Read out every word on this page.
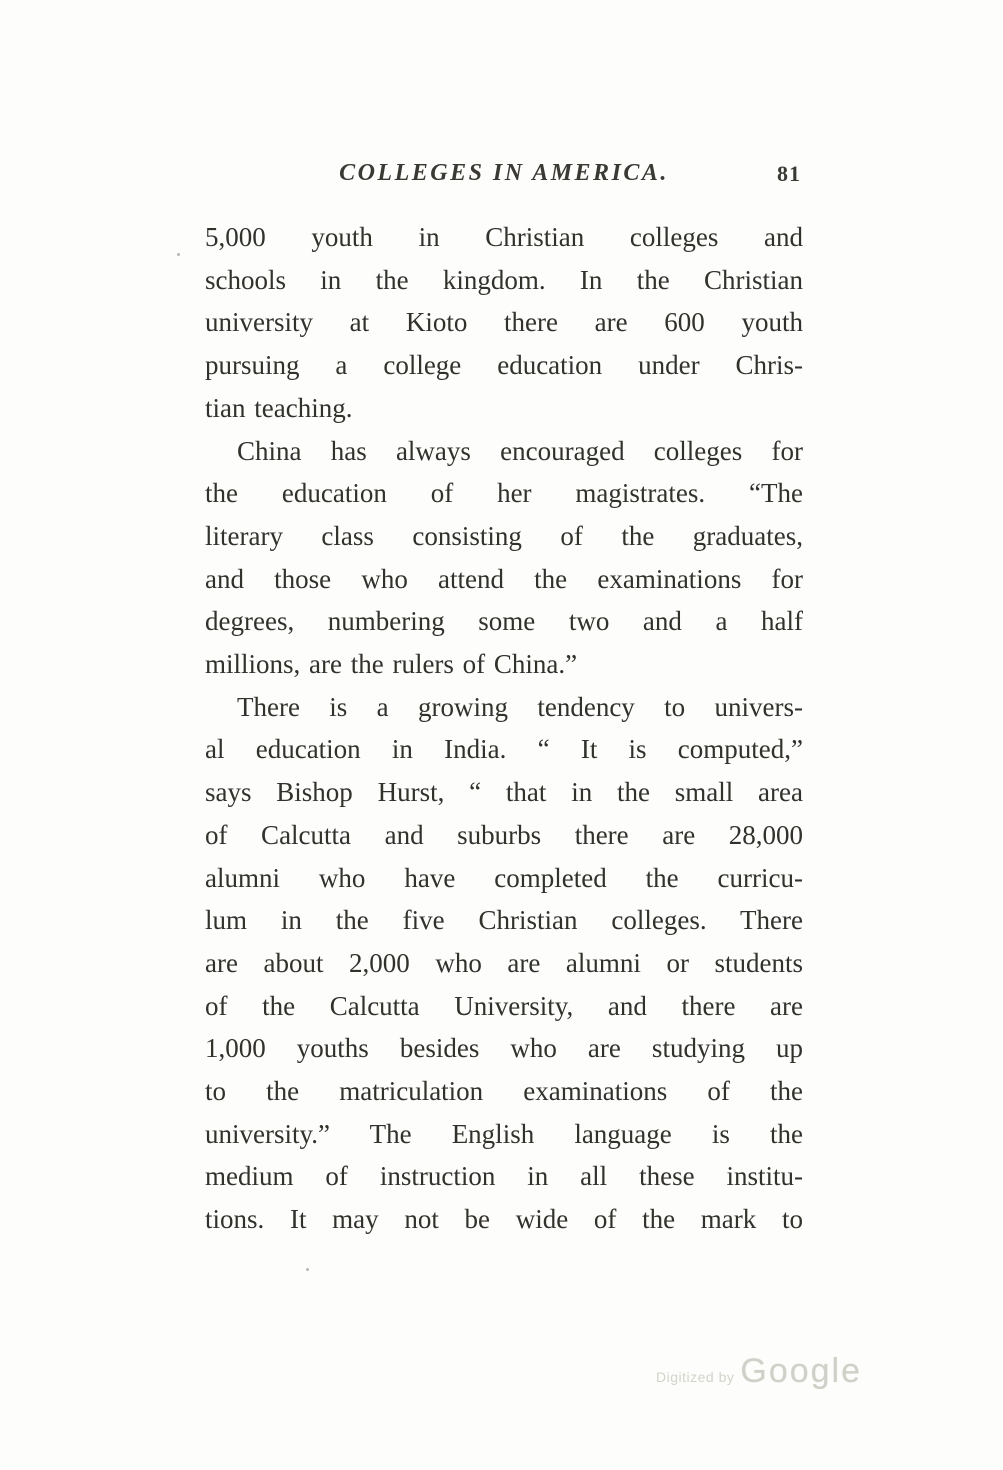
COLLEGES IN AMERICA.	81
5,000 youth in Christian colleges and
schools in the kingdom. In the Christian
university at Kioto there are 600 youth
pursuing a college education under Chris-
tian teaching.
China has always encouraged colleges for
the education of her magistrates. “The
literary class consisting of the graduates,
and those who attend the examinations for
degrees, numbering some two and a half
millions, are the rulers of China.”
There is a growing tendency to univers-
al education in India. “ It is computed,”
says Bishop Hurst, “ that in the small area
of Calcutta and suburbs there are 28,000
alumni who have completed the curricu-
lum in the five Christian colleges. There
are about 2,000 who are alumni or students
of the Calcutta University, and there are
1,000 youths besides who are studying up
to the matriculation examinations of the
university.” The English language is the
medium of instruction in all these institu-
tions. It may not be wide of the mark to
Digitized by Google
